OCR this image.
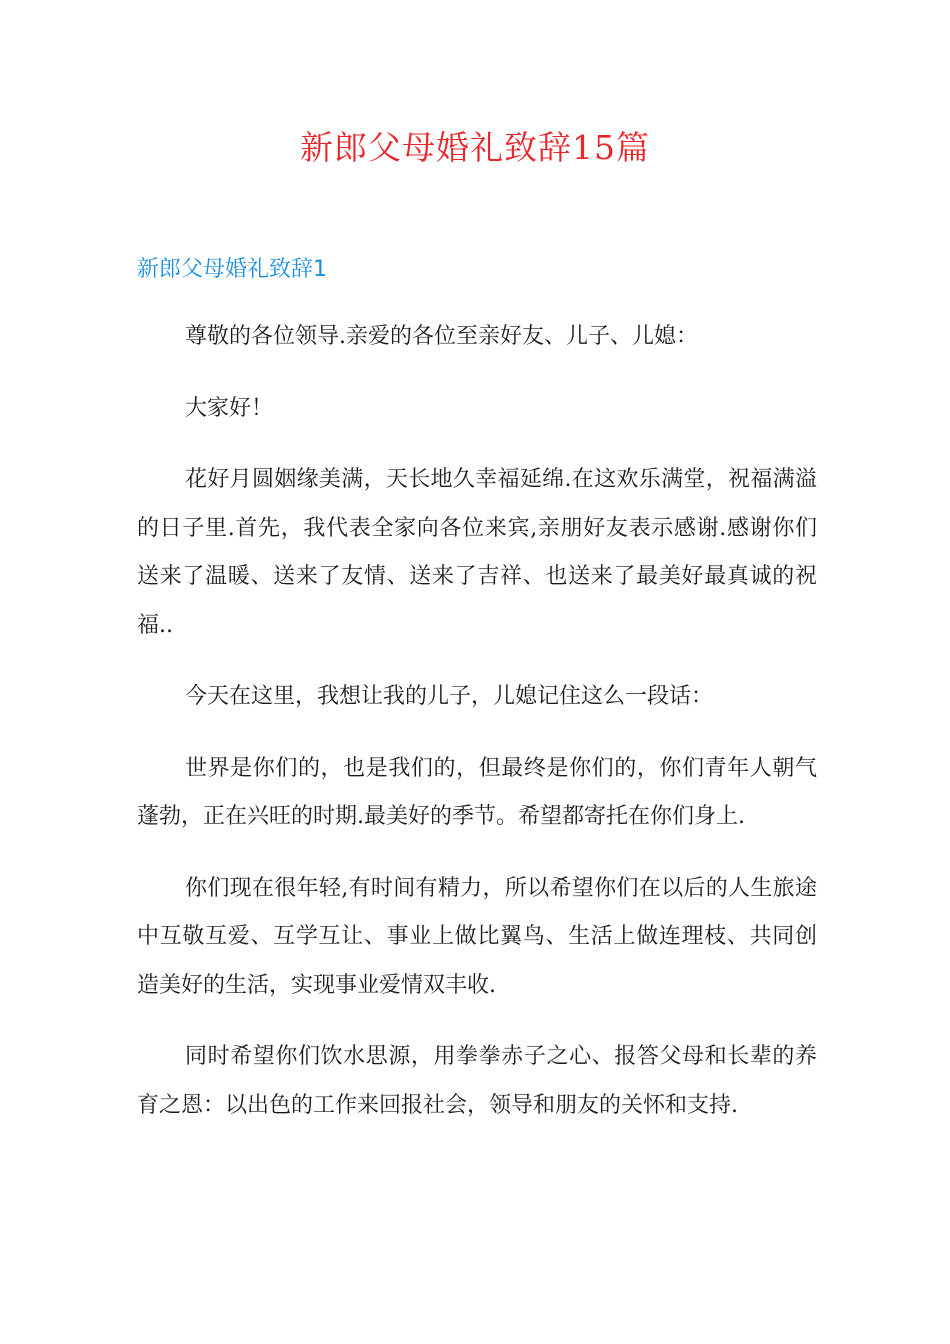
新郎父母婚礼致辞15篇
新郎父母婚礼致辞1

尊敬的各位领导.亲爱的各位至亲好友、儿子、儿媳：

大家好！

花好月圆姻缘美满，天长地久幸福延绵.在这欢乐满堂，祝福满溢的日子里.首先，我代表全家向各位来宾,亲朋好友表示感谢.感谢你们送来了温暖、送来了友情、送来了吉祥、也送来了最美好最真诚的祝福..

今天在这里，我想让我的儿子，儿媳记住这么一段话：

世界是你们的，也是我们的，但最终是你们的，你们青年人朝气蓬勃，正在兴旺的时期.最美好的季节。希望都寄托在你们身上.

你们现在很年轻,有时间有精力，所以希望你们在以后的人生旅途中互敬互爱、互学互让、事业上做比翼鸟、生活上做连理枝、共同创造美好的生活，实现事业爱情双丰收.

同时希望你们饮水思源，用拳拳赤子之心、报答父母和长辈的养育之恩：以出色的工作来回报社会，领导和朋友的关怀和支持.
